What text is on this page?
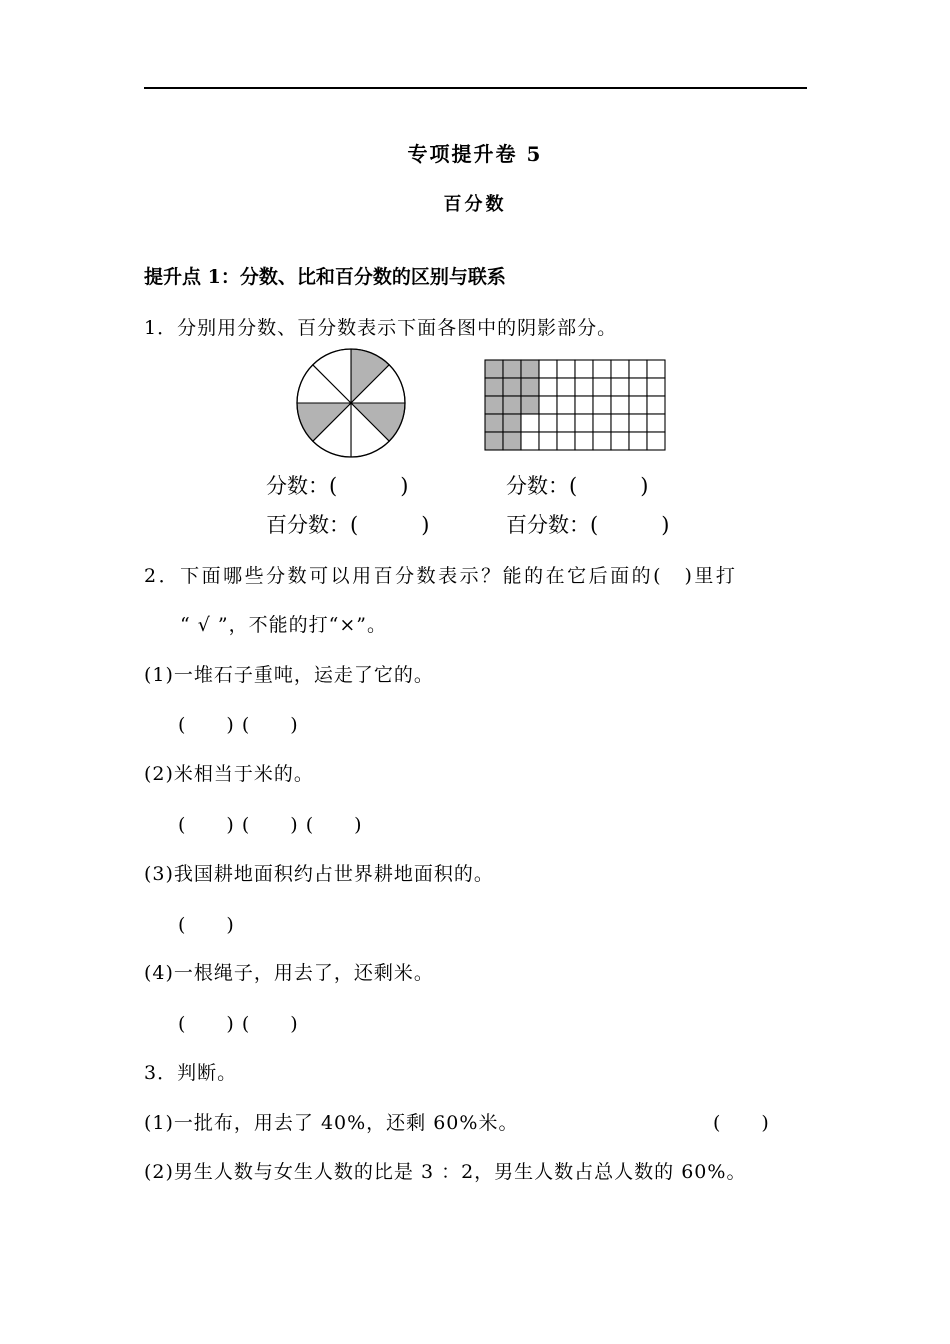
专项提升卷 5
百分数
提升点 1：分数、比和百分数的区别与联系
1．分别用分数、百分数表示下面各图中的阴影部分。
分数：(　　　)
百分数：(　　　)
分数：(　　　)
百分数：(　　　)
2．下面哪些分数可以用百分数表示？能的在它后面的(　)里打
“ √ ”，不能的打“×”。
(1)一堆石子重吨，运走了它的。
(　　) (　　)
(2)米相当于米的。
(　　) (　　) (　　)
(3)我国耕地面积约占世界耕地面积的。
(　　)
(4)一根绳子，用去了，还剩米。
(　　) (　　)
3．判断。
(1)一批布，用去了 40%，还剩 60%米。	(　　)
(2)男生人数与女生人数的比是 3 ：2，男生人数占总人数的 60%。
